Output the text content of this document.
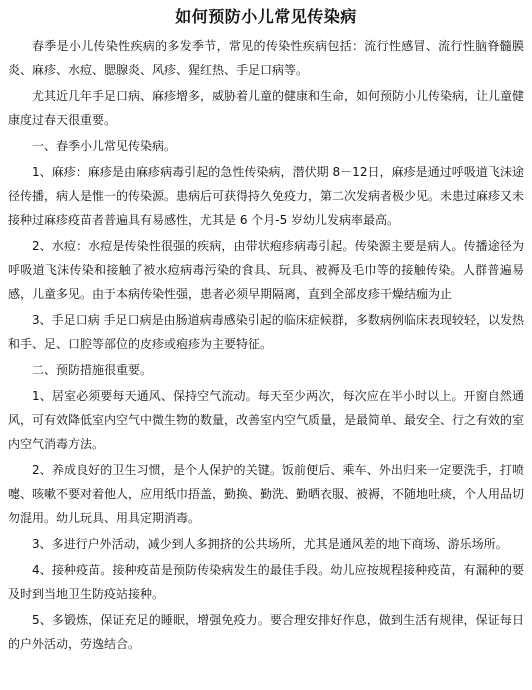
如何预防小儿常见传染病

春季是小儿传染性疾病的多发季节，常见的传染性疾病包括：流行性感冒、流行性脑脊髓膜炎、麻疹、水痘、腮腺炎、风疹、猩红热、手足口病等。

尤其近几年手足口病、麻疹增多，威胁着儿童的健康和生命，如何预防小儿传染病，让儿童健康度过春天很重要。

一、春季小儿常见传染病。

1、麻疹：麻疹是由麻疹病毒引起的急性传染病，潜伏期 8－12日，麻疹是通过呼吸道飞沫途径传播，病人是惟一的传染源。患病后可获得持久免疫力，第二次发病者极少见。未患过麻疹又未接种过麻疹疫苗者普遍具有易感性，尤其是 6 个月-5 岁幼儿发病率最高。

2、水痘：水痘是传染性很强的疾病，由带状疱疹病毒引起。传染源主要是病人。传播途径为呼吸道飞沫传染和接触了被水痘病毒污染的食具、玩具、被褥及毛巾等的接触传染。人群普遍易感，儿童多见。由于本病传染性强，患者必须早期隔离，直到全部皮疹干燥结痂为止

3、手足口病 手足口病是由肠道病毒感染引起的临床症候群，多数病例临床表现较轻，以发热和手、足、口腔等部位的皮疹或疱疹为主要特征。

二、预防措施很重要。

1、居室必须要每天通风、保持空气流动。每天至少两次，每次应在半小时以上。开窗自然通风，可有效降低室内空气中微生物的数量，改善室内空气质量，是最简单、最安全、行之有效的室内空气消毒方法。

2、养成良好的卫生习惯，是个人保护的关键。饭前便后、乘车、外出归来一定要洗手，打喷嚏、咳嗽不要对着他人，应用纸巾捂盖，勤换、勤洗、勤晒衣服、被褥，不随地吐痰，个人用品切勿混用。幼儿玩具、用具定期消毒。

3、多进行户外活动，减少到人多拥挤的公共场所，尤其是通风差的地下商场、游乐场所。

4、接种疫苗。接种疫苗是预防传染病发生的最佳手段。幼儿应按规程接种疫苗，有漏种的要及时到当地卫生防疫站接种。

5、多锻炼，保证充足的睡眠，增强免疫力。要合理安排好作息，做到生活有规律，保证每日的户外活动，劳逸结合。
